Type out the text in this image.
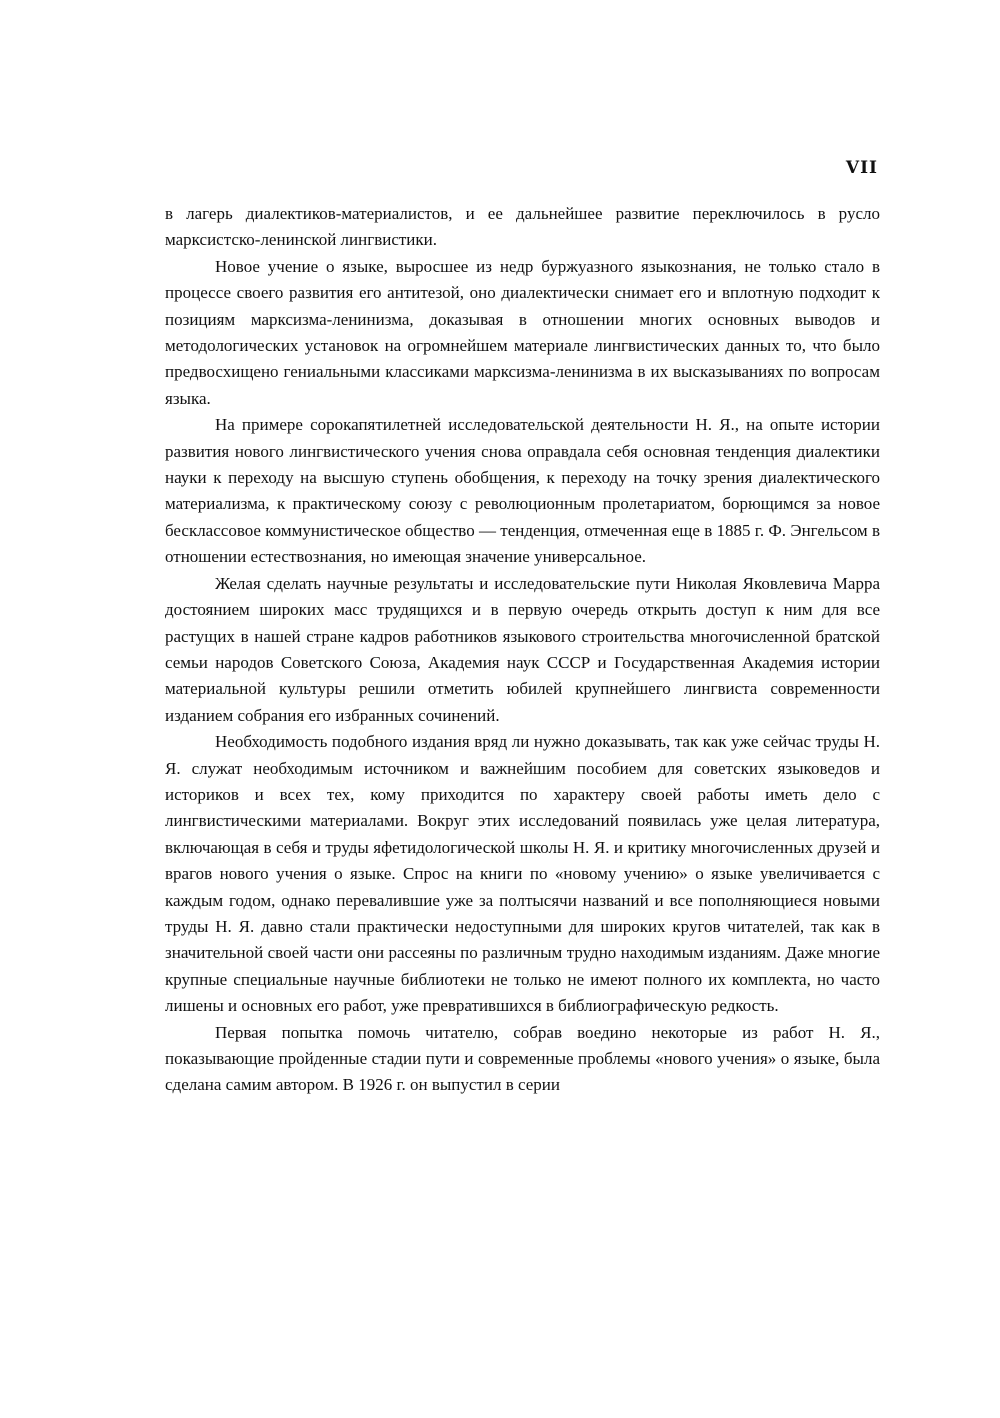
VII

в лагерь диалектиков-материалистов, и ее дальнейшее развитие переключилось в русло марксистско-ленинской лингвистики.

Новое учение о языке, выросшее из недр буржуазного языкознания, не только стало в процессе своего развития его антитезой, оно диалектически снимает его и вплотную подходит к позициям марксизма-ленинизма, доказывая в отношении многих основных выводов и методологических установок на огромнейшем материале лингвистических данных то, что было предвосхищено гениальными классиками марксизма-ленинизма в их высказываниях по вопросам языка.

На примере сорокапятилетней исследовательской деятельности Н. Я., на опыте истории развития нового лингвистического учения снова оправдала себя основная тенденция диалектики науки к переходу на высшую ступень обобщения, к переходу на точку зрения диалектического материализма, к практическому союзу с революционным пролетариатом, борющимся за новое бесклассовое коммунистическое общество — тенденция, отмеченная еще в 1885 г. Ф. Энгельсом в отношении естествознания, но имеющая значение универсальное.

Желая сделать научные результаты и исследовательские пути Николая Яковлевича Марра достоянием широких масс трудящихся и в первую очередь открыть доступ к ним для все растущих в нашей стране кадров работников языкового строительства многочисленной братской семьи народов Советского Союза, Академия наук СССР и Государственная Академия истории материальной культуры решили отметить юбилей крупнейшего лингвиста современности изданием собрания его избранных сочинений.

Необходимость подобного издания вряд ли нужно доказывать, так как уже сейчас труды Н. Я. служат необходимым источником и важнейшим пособием для советских языковедов и историков и всех тех, кому приходится по характеру своей работы иметь дело с лингвистическими материалами. Вокруг этих исследований появилась уже целая литература, включающая в себя и труды яфетидологической школы Н. Я. и критику многочисленных друзей и врагов нового учения о языке. Спрос на книги по «новому учению» о языке увеличивается с каждым годом, однако перевалившие уже за полтысячи названий и все пополняющиеся новыми труды Н. Я. давно стали практически недоступными для широких кругов читателей, так как в значительной своей части они рассеяны по различным трудно находимым изданиям. Даже многие крупные специальные научные библиотеки не только не имеют полного их комплекта, но часто лишены и основных его работ, уже превратившихся в библиографическую редкость.

Первая попытка помочь читателю, собрав воедино некоторые из работ Н. Я., показывающие пройденные стадии пути и современные проблемы «нового учения» о языке, была сделана самим автором. В 1926 г. он выпустил в серии
